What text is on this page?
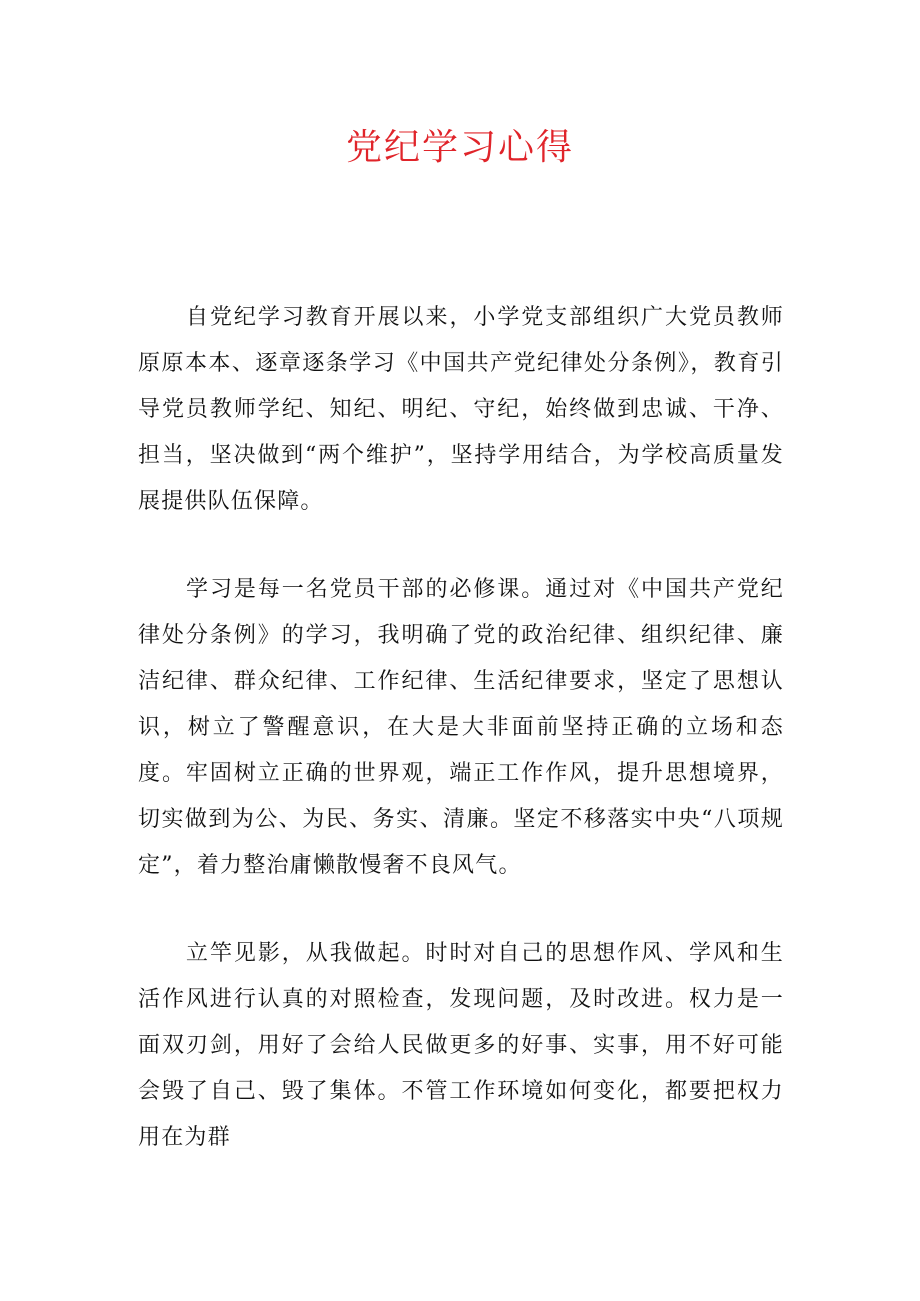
党纪学习心得

自党纪学习教育开展以来，小学党支部组织广大党员教师原原本本、逐章逐条学习《中国共产党纪律处分条例》，教育引导党员教师学纪、知纪、明纪、守纪，始终做到忠诚、干净、担当，坚决做到“两个维护”，坚持学用结合，为学校高质量发展提供队伍保障。

学习是每一名党员干部的必修课。通过对《中国共产党纪律处分条例》的学习，我明确了党的政治纪律、组织纪律、廉洁纪律、群众纪律、工作纪律、生活纪律要求，坚定了思想认识，树立了警醒意识，在大是大非面前坚持正确的立场和态度。牢固树立正确的世界观，端正工作作风，提升思想境界，切实做到为公、为民、务实、清廉。坚定不移落实中央“八项规定”，着力整治庸懒散慢奢不良风气。

立竿见影，从我做起。时时对自己的思想作风、学风和生活作风进行认真的对照检查，发现问题，及时改进。权力是一面双刃剑，用好了会给人民做更多的好事、实事，用不好可能会毁了自己、毁了集体。不管工作环境如何变化，都要把权力用在为群
